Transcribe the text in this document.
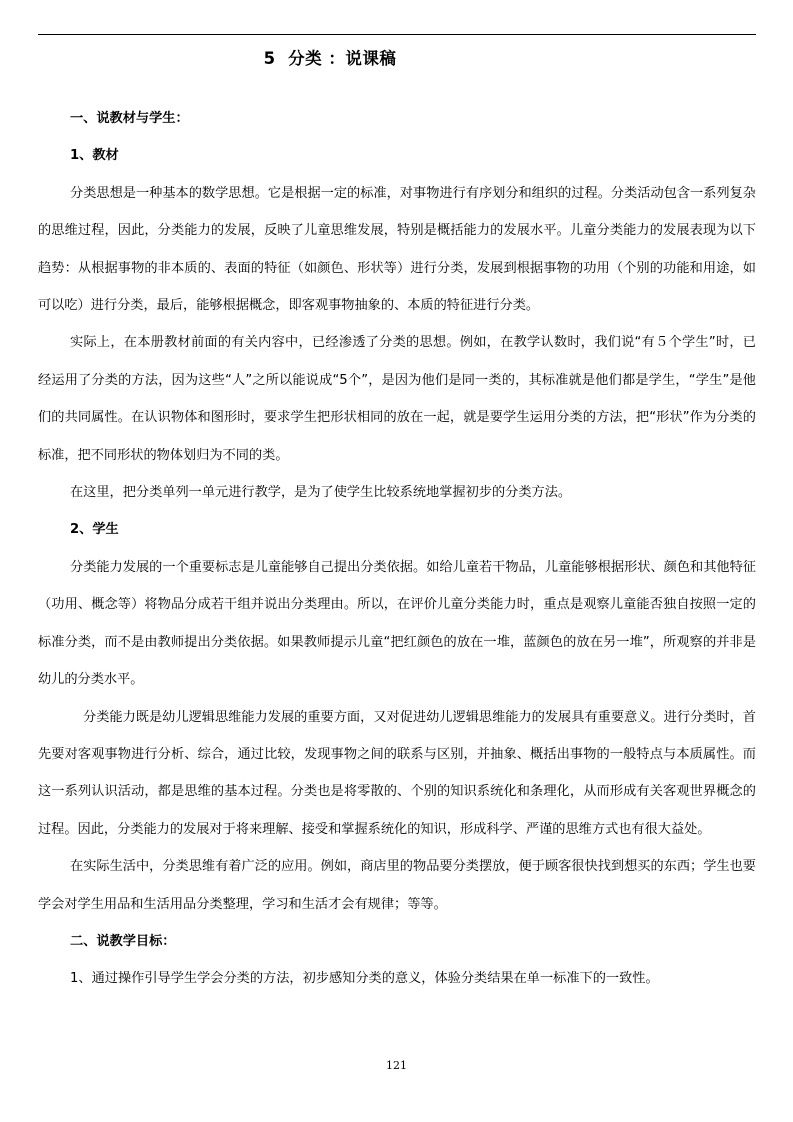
5  分类 ：说课稿

一、说教材与学生：

1、教材

分类思想是一种基本的数学思想。它是根据一定的标准，对事物进行有序划分和组织的过程。分类活动包含一系列复杂的思维过程，因此，分类能力的发展，反映了儿童思维发展，特别是概括能力的发展水平。儿童分类能力的发展表现为以下趋势：从根据事物的非本质的、表面的特征（如颜色、形状等）进行分类，发展到根据事物的功用（个别的功能和用途，如可以吃）进行分类，最后，能够根据概念，即客观事物抽象的、本质的特征进行分类。

实际上，在本册教材前面的有关内容中，已经渗透了分类的思想。例如，在教学认数时，我们说“有５个学生”时，已经运用了分类的方法，因为这些“人”之所以能说成“5个”，是因为他们是同一类的，其标准就是他们都是学生，“学生”是他们的共同属性。在认识物体和图形时，要求学生把形状相同的放在一起，就是要学生运用分类的方法，把“形状”作为分类的标准，把不同形状的物体划归为不同的类。

在这里，把分类单列一单元进行教学，是为了使学生比较系统地掌握初步的分类方法。

2、学生

分类能力发展的一个重要标志是儿童能够自己提出分类依据。如给儿童若干物品，儿童能够根据形状、颜色和其他特征（功用、概念等）将物品分成若干组并说出分类理由。所以，在评价儿童分类能力时，重点是观察儿童能否独自按照一定的标准分类，而不是由教师提出分类依据。如果教师提示儿童“把红颜色的放在一堆，蓝颜色的放在另一堆”，所观察的并非是幼儿的分类水平。

分类能力既是幼儿逻辑思维能力发展的重要方面，又对促进幼儿逻辑思维能力的发展具有重要意义。进行分类时，首先要对客观事物进行分析、综合，通过比较，发现事物之间的联系与区别，并抽象、概括出事物的一般特点与本质属性。而这一系列认识活动，都是思维的基本过程。分类也是将零散的、个别的知识系统化和条理化，从而形成有关客观世界概念的过程。因此，分类能力的发展对于将来理解、接受和掌握系统化的知识，形成科学、严谨的思维方式也有很大益处。

在实际生活中，分类思维有着广泛的应用。例如，商店里的物品要分类摆放，便于顾客很快找到想买的东西；学生也要学会对学生用品和生活用品分类整理，学习和生活才会有规律；等等。

二、说教学目标：

1、通过操作引导学生学会分类的方法，初步感知分类的意义，体验分类结果在单一标准下的一致性。

121
